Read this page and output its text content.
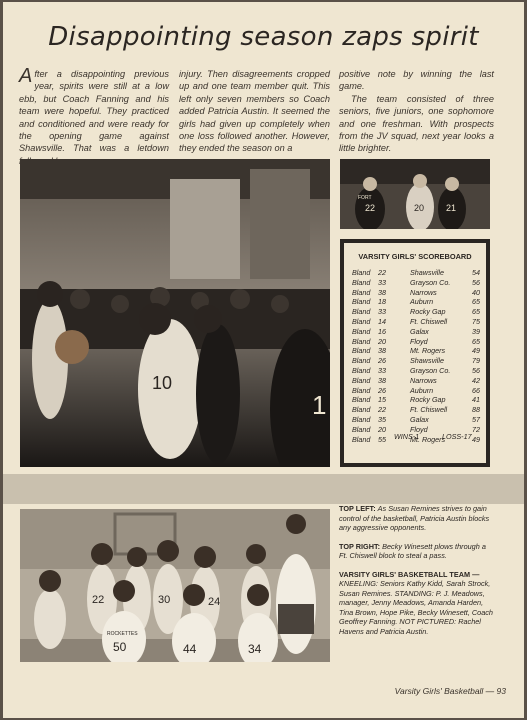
Disappointing season zaps spirit

After a disappointing previous year, spirits were still at a low ebb, but Coach Fanning and his team were hopeful. They practiced and conditioned and were ready for the opening game against Shawsville. That was a letdown

injury. Then disagreements cropped up and one team member quit. This left only seven members so Coach added Patricia Austin. It seemed the girls had given up completely when one loss followed another. However, they ended the season on a

positive note by winning the last game.

The team consisted of three seniors, five juniors, one sophomore and one freshman. With prospects from the JV squad, next year looks a little brighter.

10
1
22
FORT
20 21
VARSITY GIRLS' SCOREBOARD
Bland 22	Shawsville	54
Bland 33	Grayson Co.	56
Bland 38	Narrows	40
Bland 18	Auburn	65
Bland 33	Rocky Gap	65
Bland 14	Ft. Chiswell	75
Bland 16	Galax	39
Bland 20	Floyd	65
Bland 38	Mt. Rogers	49
Bland 26	Shawsville	79
Bland 33	Grayson Co.	56
Bland 38	Narrows	42
Bland 26	Auburn	66
Bland 15	Rocky Gap	41
Bland 22	Ft. Chiswell	88
Bland 35	Galax	57
Bland 20	Floyd	72
Bland 55	Mt. Rogers	49
WINS-1	LOSS-17
22	30	24
50	44	34
ROCKETTES

TOP LEFT: As Susan Remines strives to gain control of the basketball, Patricia Austin blocks any aggressive opponents.

TOP RIGHT: Becky Winesett plows through a Ft. Chiswell block to steal a pass.

VARSITY GIRLS' BASKETBALL TEAM — KNEELING: Seniors Kathy Kidd, Sarah Strock, Susan Remines. STANDING: P. J. Meadows, manager, Jenny Meadows, Amanda Harden, Tina Brown, Hope Pike, Becky Winesett, Coach Geoffrey Fanning. NOT PICTURED: Rachel Havens and Patricia Austin.

Varsity Girls' Basketball — 93
